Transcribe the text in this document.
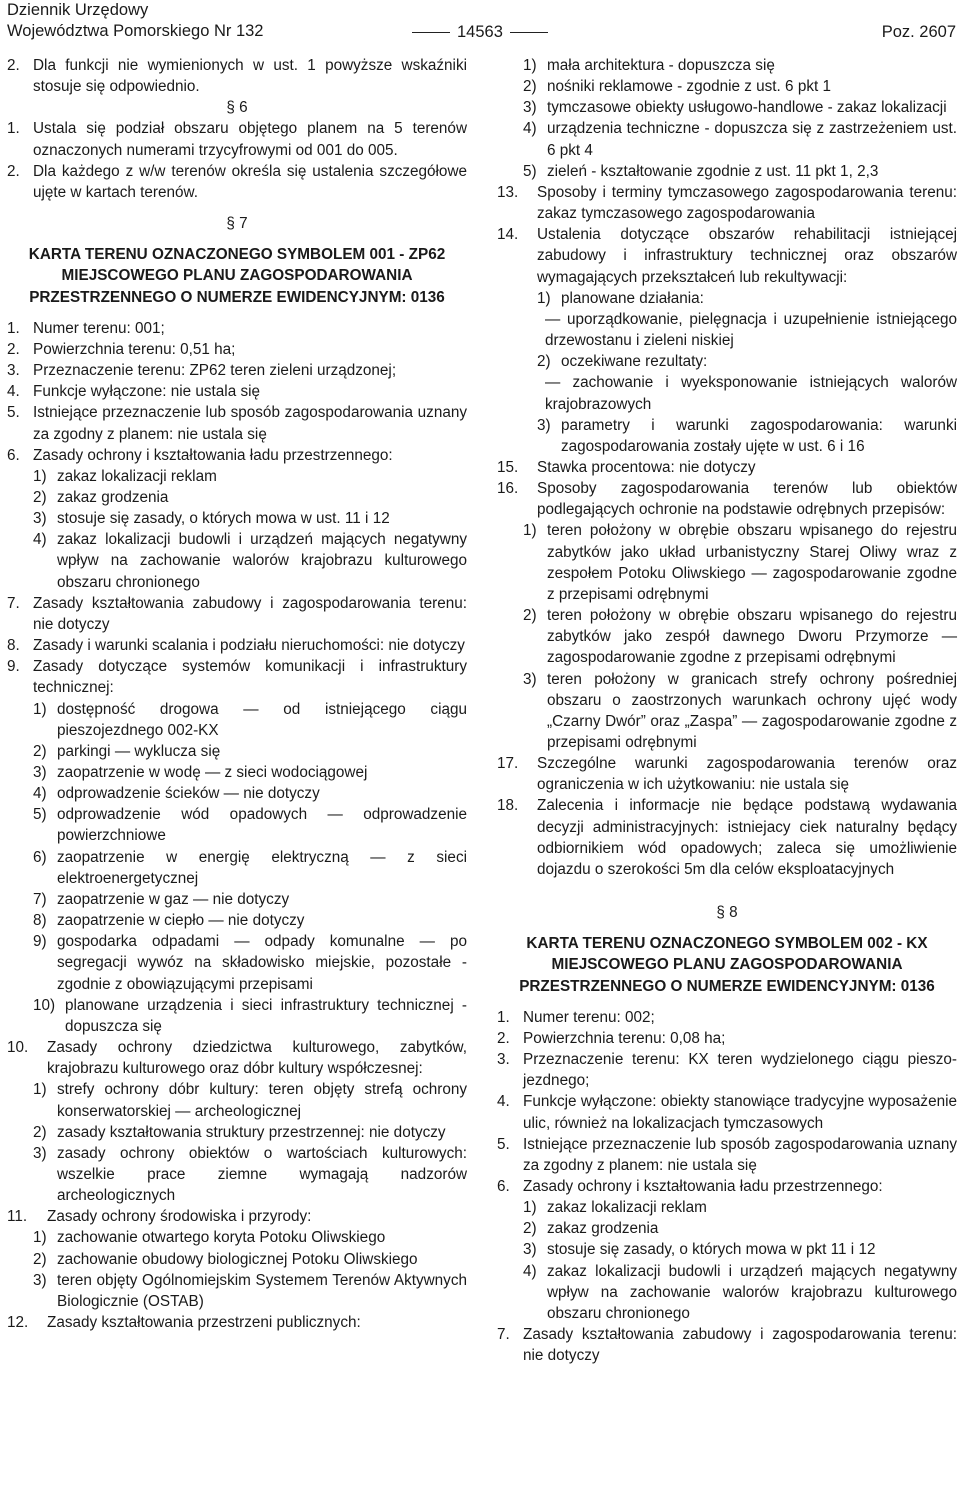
Dziennik Urzędowy
Województwa Pomorskiego Nr 132	14563	Poz. 2607
2. Dla funkcji nie wymienionych w ust. 1 powyższe wskaźniki stosuje się odpowiednio.
§ 6
1. Ustala się podział obszaru objętego planem na 5 terenów oznaczonych numerami trzycyfrowymi od 001 do 005.
2. Dla każdego z w/w terenów określa się ustalenia szczegółowe ujęte w kartach terenów.
§ 7
KARTA TERENU OZNACZONEGO SYMBOLEM 001 - ZP62 MIEJSCOWEGO PLANU ZAGOSPODAROWANIA PRZESTRZENNEGO O NUMERZE EWIDENCYJNYM: 0136
1. Numer terenu: 001;
2. Powierzchnia terenu: 0,51 ha;
3. Przeznaczenie terenu: ZP62 teren zieleni urządzonej;
4. Funkcje wyłączone: nie ustala się
5. Istniejące przeznaczenie lub sposób zagospodarowania uznany za zgodny z planem: nie ustala się
6. Zasady ochrony i kształtowania ładu przestrzennego:
1) zakaz lokalizacji reklam
2) zakaz grodzenia
3) stosuje się zasady, o których mowa w ust. 11 i 12
4) zakaz lokalizacji budowli i urządzeń mających negatywny wpływ na zachowanie walorów krajobrazu kulturowego obszaru chronionego
7. Zasady kształtowania zabudowy i zagospodarowania terenu: nie dotyczy
8. Zasady i warunki scalania i podziału nieruchomości: nie dotyczy
9. Zasady dotyczące systemów komunikacji i infrastruktury technicznej:
1) dostępność drogowa — od istniejącego ciągu pieszojezdnego 002-KX
2) parkingi — wyklucza się
3) zaopatrzenie w wodę — z sieci wodociągowej
4) odprowadzenie ścieków — nie dotyczy
5) odprowadzenie wód opadowych — odprowadzenie powierzchniowe
6) zaopatrzenie w energię elektryczną — z sieci elektroenergetycznej
7) zaopatrzenie w gaz — nie dotyczy
8) zaopatrzenie w ciepło — nie dotyczy
9) gospodarka odpadami — odpady komunalne — po segregacji wywóz na składowisko miejskie, pozostałe - zgodnie z obowiązującymi przepisami
10) planowane urządzenia i sieci infrastruktury technicznej - dopuszcza się
10. Zasady ochrony dziedzictwa kulturowego, zabytków, krajobrazu kulturowego oraz dóbr kultury współczesnej:
1) strefy ochrony dóbr kultury: teren objęty strefą ochrony konserwatorskiej — archeologicznej
2) zasady kształtowania struktury przestrzennej: nie dotyczy
3) zasady ochrony obiektów o wartościach kulturowych: wszelkie prace ziemne wymagają nadzorów archeologicznych
11. Zasady ochrony środowiska i przyrody:
1) zachowanie otwartego koryta Potoku Oliwskiego
2) zachowanie obudowy biologicznej Potoku Oliwskiego
3) teren objęty Ogólnomiejskim Systemem Terenów Aktywnych Biologicznie (OSTAB)
12. Zasady kształtowania przestrzeni publicznych:
1) mała architektura - dopuszcza się
2) nośniki reklamowe - zgodnie z ust. 6 pkt 1
3) tymczasowe obiekty usługowo-handlowe - zakaz lokalizacji
4) urządzenia techniczne - dopuszcza się z zastrzeżeniem ust. 6 pkt 4
5) zieleń - kształtowanie zgodnie z ust. 11 pkt 1, 2,3
13. Sposoby i terminy tymczasowego zagospodarowania terenu: zakaz tymczasowego zagospodarowania
14. Ustalenia dotyczące obszarów rehabilitacji istniejącej zabudowy i infrastruktury technicznej oraz obszarów wymagających przekształceń lub rekultywacji:
1) planowane działania:
— uporządkowanie, pielęgnacja i uzupełnienie istniejącego drzewostanu i zieleni niskiej
2) oczekiwane rezultaty:
— zachowanie i wyeksponowanie istniejących walorów krajobrazowych
3) parametry i warunki zagospodarowania: warunki zagospodarowania zostały ujęte w ust. 6 i 16
15. Stawka procentowa: nie dotyczy
16. Sposoby zagospodarowania terenów lub obiektów podlegających ochronie na podstawie odrębnych przepisów:
1) teren położony w obrębie obszaru wpisanego do rejestru zabytków jako układ urbanistyczny Starej Oliwy wraz z zespołem Potoku Oliwskiego — zagospodarowanie zgodne z przepisami odrębnymi
2) teren położony w obrębie obszaru wpisanego do rejestru zabytków jako zespół dawnego Dworu Przymorze — zagospodarowanie zgodne z przepisami odrębnymi
3) teren położony w granicach strefy ochrony pośredniej obszaru o zaostrzonych warunkach ochrony ujęć wody „Czarny Dwór” oraz „Zaspa” — zagospodarowanie zgodne z przepisami odrębnymi
17. Szczególne warunki zagospodarowania terenów oraz ograniczenia w ich użytkowaniu: nie ustala się
18. Zalecenia i informacje nie będące podstawą wydawania decyzji administracyjnych: istniejacy ciek naturalny będący odbiornikiem wód opadowych; zaleca się umożliwienie dojazdu o szerokości 5m dla celów eksploatacyjnych
§ 8
KARTA TERENU OZNACZONEGO SYMBOLEM 002 - KX MIEJSCOWEGO PLANU ZAGOSPODAROWANIA PRZESTRZENNEGO O NUMERZE EWIDENCYJNYM: 0136
1. Numer terenu: 002;
2. Powierzchnia terenu: 0,08 ha;
3. Przeznaczenie terenu: KX teren wydzielonego ciągu pieszo-jezdnego;
4. Funkcje wyłączone: obiekty stanowiące tradycyjne wyposażenie ulic, również na lokalizacjach tymczasowych
5. Istniejące przeznaczenie lub sposób zagospodarowania uznany za zgodny z planem: nie ustala się
6. Zasady ochrony i kształtowania ładu przestrzennego:
1) zakaz lokalizacji reklam
2) zakaz grodzenia
3) stosuje się zasady, o których mowa w pkt 11 i 12
4) zakaz lokalizacji budowli i urządzeń mających negatywny wpływ na zachowanie walorów krajobrazu kulturowego obszaru chronionego
7. Zasady kształtowania zabudowy i zagospodarowania terenu: nie dotyczy
